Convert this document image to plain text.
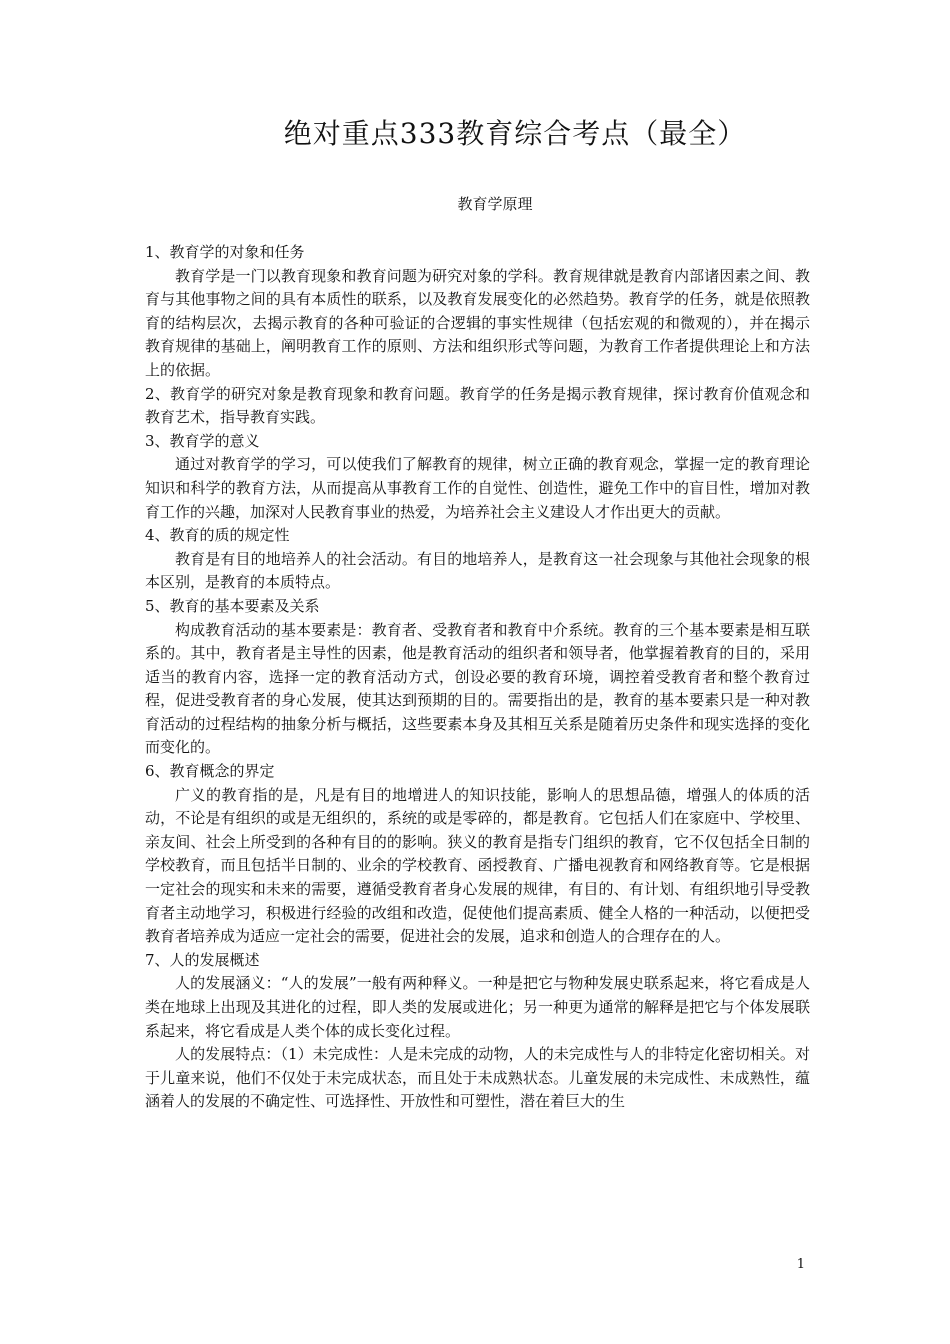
绝对重点333教育综合考点（最全）
教育学原理

1、教育学的对象和任务

教育学是一门以教育现象和教育问题为研究对象的学科。教育规律就是教育内部诸因素之间、教育与其他事物之间的具有本质性的联系，以及教育发展变化的必然趋势。教育学的任务，就是依照教育的结构层次，去揭示教育的各种可验证的合逻辑的事实性规律（包括宏观的和微观的），并在揭示教育规律的基础上，阐明教育工作的原则、方法和组织形式等问题，为教育工作者提供理论上和方法上的依据。

2、教育学的研究对象是教育现象和教育问题。教育学的任务是揭示教育规律，探讨教育价值观念和教育艺术，指导教育实践。

3、教育学的意义

通过对教育学的学习，可以使我们了解教育的规律，树立正确的教育观念，掌握一定的教育理论知识和科学的教育方法，从而提高从事教育工作的自觉性、创造性，避免工作中的盲目性，增加对教育工作的兴趣，加深对人民教育事业的热爱，为培养社会主义建设人才作出更大的贡献。

4、教育的质的规定性

教育是有目的地培养人的社会活动。有目的地培养人，是教育这一社会现象与其他社会现象的根本区别，是教育的本质特点。

5、教育的基本要素及关系

构成教育活动的基本要素是：教育者、受教育者和教育中介系统。教育的三个基本要素是相互联系的。其中，教育者是主导性的因素，他是教育活动的组织者和领导者，他掌握着教育的目的，采用适当的教育内容，选择一定的教育活动方式，创设必要的教育环境，调控着受教育者和整个教育过程，促进受教育者的身心发展，使其达到预期的目的。需要指出的是，教育的基本要素只是一种对教育活动的过程结构的抽象分析与概括，这些要素本身及其相互关系是随着历史条件和现实选择的变化而变化的。

6、教育概念的界定

广义的教育指的是，凡是有目的地增进人的知识技能，影响人的思想品德，增强人的体质的活动，不论是有组织的或是无组织的，系统的或是零碎的，都是教育。它包括人们在家庭中、学校里、亲友间、社会上所受到的各种有目的的影响。狭义的教育是指专门组织的教育，它不仅包括全日制的学校教育，而且包括半日制的、业余的学校教育、函授教育、广播电视教育和网络教育等。它是根据一定社会的现实和未来的需要，遵循受教育者身心发展的规律，有目的、有计划、有组织地引导受教育者主动地学习，积极进行经验的改组和改造，促使他们提高素质、健全人格的一种活动，以便把受教育者培养成为适应一定社会的需要，促进社会的发展，追求和创造人的合理存在的人。

7、人的发展概述

人的发展涵义：“人的发展”一般有两种释义。一种是把它与物种发展史联系起来，将它看成是人类在地球上出现及其进化的过程，即人类的发展或进化；另一种更为通常的解释是把它与个体发展联系起来，将它看成是人类个体的成长变化过程。

人的发展特点：（1）未完成性：人是未完成的动物，人的未完成性与人的非特定化密切相关。对于儿童来说，他们不仅处于未完成状态，而且处于未成熟状态。儿童发展的未完成性、未成熟性，蕴涵着人的发展的不确定性、可选择性、开放性和可塑性，潜在着巨大的生

1
